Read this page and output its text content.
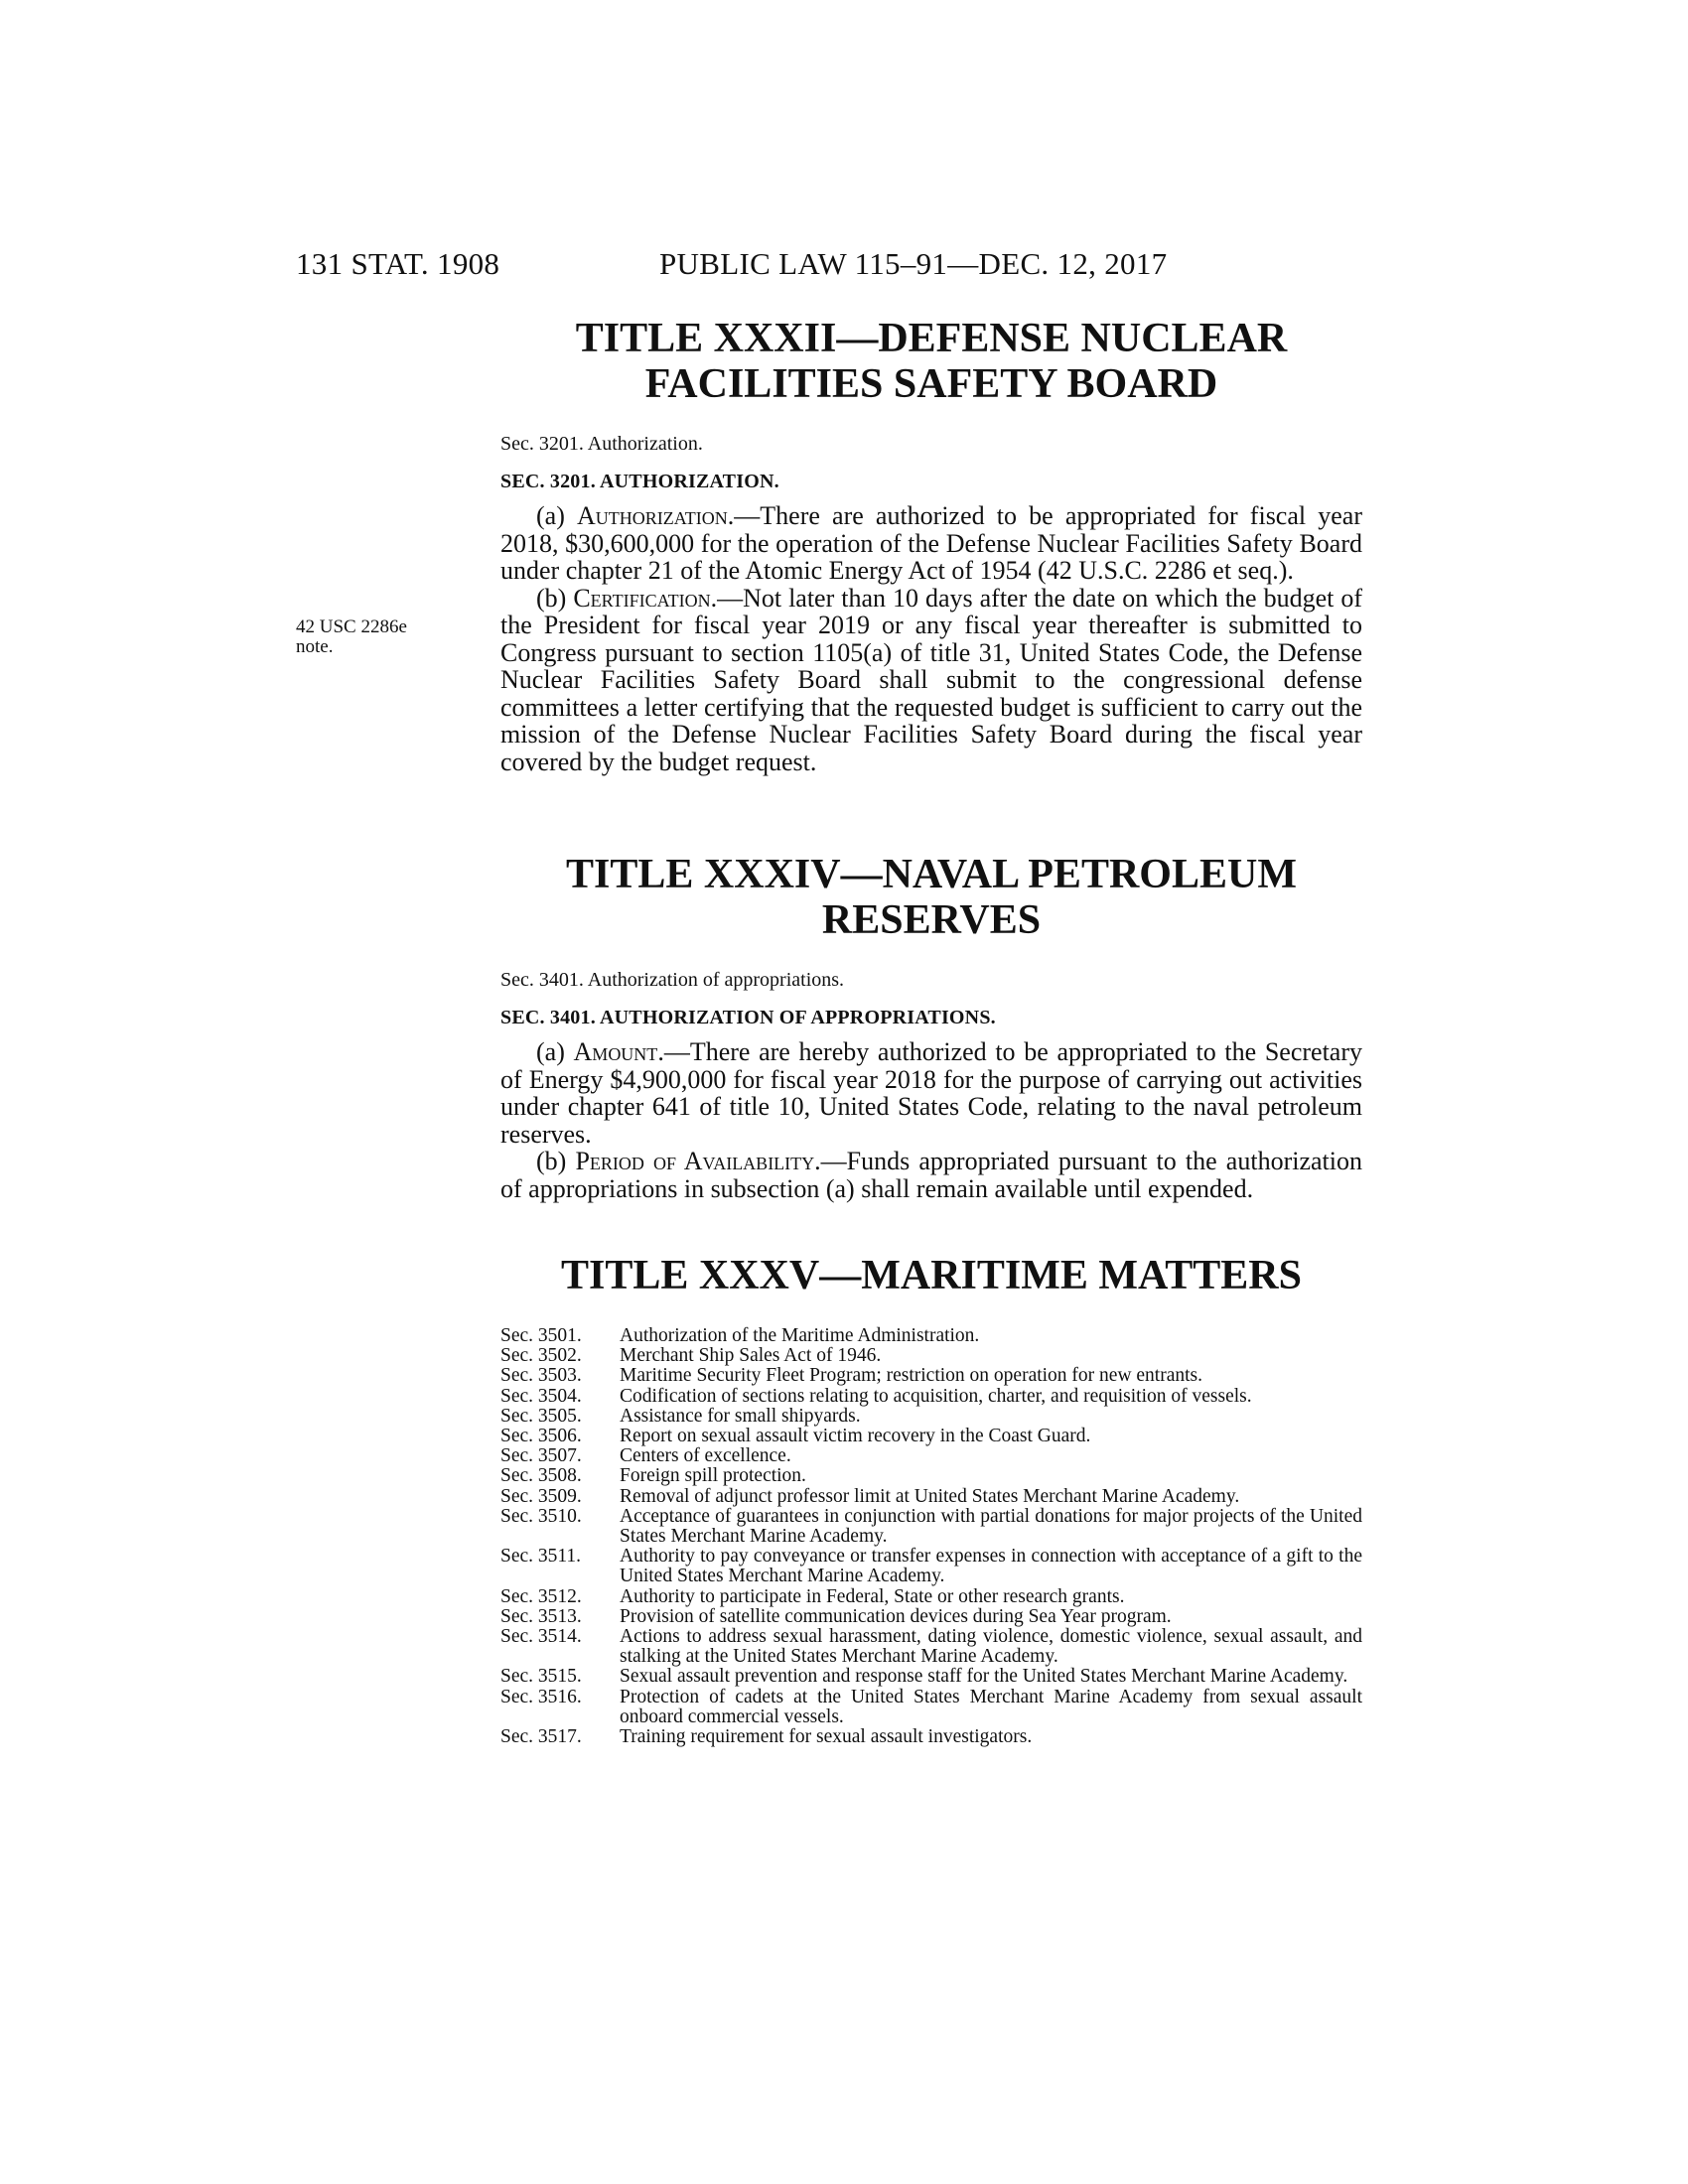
131 STAT. 1908	PUBLIC LAW 115–91—DEC. 12, 2017
TITLE XXXII—DEFENSE NUCLEAR
FACILITIES SAFETY BOARD

Sec. 3201. Authorization.

SEC. 3201. AUTHORIZATION.

(a) Authorization.—There are authorized to be appropriated for fiscal year 2018, $30,600,000 for the operation of the Defense Nuclear Facilities Safety Board under chapter 21 of the Atomic Energy Act of 1954 (42 U.S.C. 2286 et seq.).

(b) Certification.—Not later than 10 days after the date on which the budget of the President for fiscal year 2019 or any fiscal year thereafter is submitted to Congress pursuant to section 1105(a) of title 31, United States Code, the Defense Nuclear Facilities Safety Board shall submit to the congressional defense committees a letter certifying that the requested budget is sufficient to carry out the mission of the Defense Nuclear Facilities Safety Board during the fiscal year covered by the budget request.

42 USC 2286e
note.
TITLE XXXIV—NAVAL PETROLEUM
RESERVES

Sec. 3401. Authorization of appropriations.

SEC. 3401. AUTHORIZATION OF APPROPRIATIONS.

(a) Amount.—There are hereby authorized to be appropriated to the Secretary of Energy $4,900,000 for fiscal year 2018 for the purpose of carrying out activities under chapter 641 of title 10, United States Code, relating to the naval petroleum reserves.

(b) Period of Availability.—Funds appropriated pursuant to the authorization of appropriations in subsection (a) shall remain available until expended.

TITLE XXXV—MARITIME MATTERS
Sec. 3501.	Authorization of the Maritime Administration.
Sec. 3502.	Merchant Ship Sales Act of 1946.
Sec. 3503.	Maritime Security Fleet Program; restriction on operation for new entrants.
Sec. 3504.	Codification of sections relating to acquisition, charter, and requisition of vessels.
Sec. 3505.	Assistance for small shipyards.
Sec. 3506.	Report on sexual assault victim recovery in the Coast Guard.
Sec. 3507.	Centers of excellence.
Sec. 3508.	Foreign spill protection.
Sec. 3509.	Removal of adjunct professor limit at United States Merchant Marine Academy.
Sec. 3510.	Acceptance of guarantees in conjunction with partial donations for major projects of the United States Merchant Marine Academy.
Sec. 3511.	Authority to pay conveyance or transfer expenses in connection with acceptance of a gift to the United States Merchant Marine Academy.
Sec. 3512.	Authority to participate in Federal, State or other research grants.
Sec. 3513.	Provision of satellite communication devices during Sea Year program.
Sec. 3514.	Actions to address sexual harassment, dating violence, domestic violence, sexual assault, and stalking at the United States Merchant Marine Academy.
Sec. 3515.	Sexual assault prevention and response staff for the United States Merchant Marine Academy.
Sec. 3516.	Protection of cadets at the United States Merchant Marine Academy from sexual assault onboard commercial vessels.
Sec. 3517.	Training requirement for sexual assault investigators.
